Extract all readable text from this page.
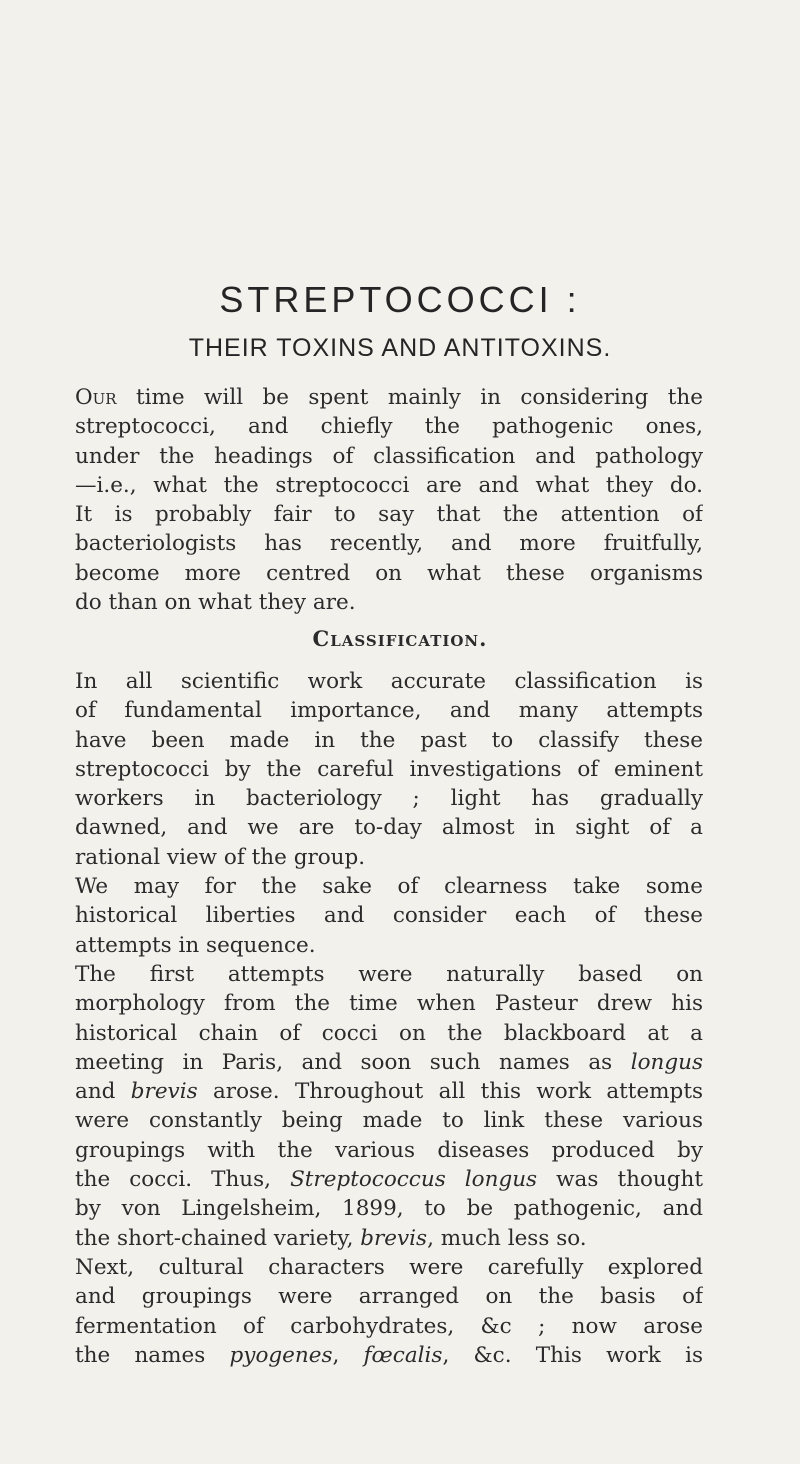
STREPTOCOCCI :
THEIR TOXINS AND ANTITOXINS.
Our time will be spent mainly in considering the
streptococci, and chiefly the pathogenic ones,
under the headings of classification and pathology
—i.e., what the streptococci are and what they do.
It is probably fair to say that the attention of
bacteriologists has recently, and more fruitfully,
become more centred on what these organisms
do than on what they are.
Classification.
In all scientific work accurate classification is
of fundamental importance, and many attempts
have been made in the past to classify these
streptococci by the careful investigations of eminent
workers in bacteriology ; light has gradually
dawned, and we are to-day almost in sight of a
rational view of the group.
We may for the sake of clearness take some
historical liberties and consider each of these
attempts in sequence.
The first attempts were naturally based on
morphology from the time when Pasteur drew his
historical chain of cocci on the blackboard at a
meeting in Paris, and soon such names as longus
and brevis arose. Throughout all this work attempts
were constantly being made to link these various
groupings with the various diseases produced by
the cocci. Thus, Streptococcus longus was thought
by von Lingelsheim, 1899, to be pathogenic, and
the short-chained variety, brevis, much less so.
Next, cultural characters were carefully explored
and groupings were arranged on the basis of
fermentation of carbohydrates, &c ; now arose
the names pyogenes, fœcalis, &c. This work is
